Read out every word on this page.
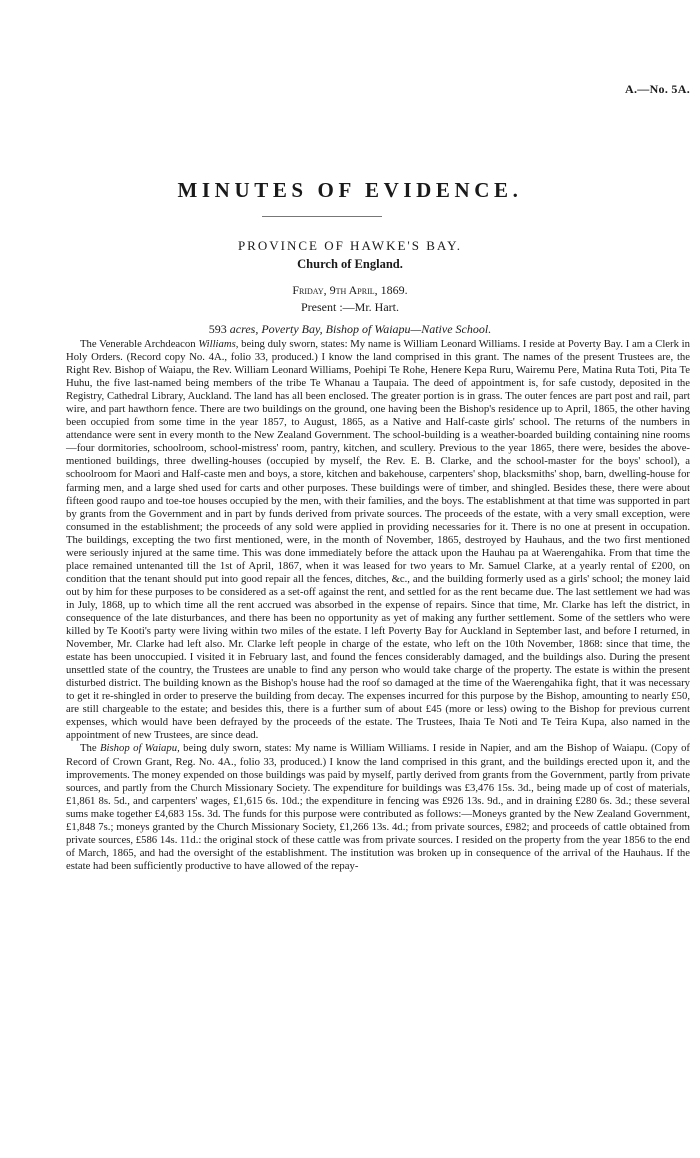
A.—No. 5A.
MINUTES OF EVIDENCE.
PROVINCE OF HAWKE'S BAY.
Church of England.
Friday, 9th April, 1869.
Present :—Mr. Hart.
593 acres, Poverty Bay, Bishop of Waiapu—Native School.

The Venerable Archdeacon Williams, being duly sworn, states: My name is William Leonard Williams. I reside at Poverty Bay. I am a Clerk in Holy Orders. (Record copy No. 4A., folio 33, produced.) I know the land comprised in this grant. The names of the present Trustees are, the Right Rev. Bishop of Waiapu, the Rev. William Leonard Williams, Poehipi Te Rohe, Henere Kepa Ruru, Wairemu Pere, Matina Ruta Toti, Pita Te Huhu, the five last-named being members of the tribe Te Whanau a Taupaia. The deed of appointment is, for safe custody, deposited in the Registry, Cathedral Library, Auckland. The land has all been enclosed. The greater portion is in grass. The outer fences are part post and rail, part wire, and part hawthorn fence. There are two buildings on the ground, one having been the Bishop's residence up to April, 1865, the other having been occupied from some time in the year 1857, to August, 1865, as a Native and Half-caste girls' school. The returns of the numbers in attendance were sent in every month to the New Zealand Government. The school-building is a weather-boarded building containing nine rooms—four dormitories, schoolroom, school-mistress' room, pantry, kitchen, and scullery. Previous to the year 1865, there were, besides the above-mentioned buildings, three dwelling-houses (occupied by myself, the Rev. E. B. Clarke, and the school-master for the boys' school), a schoolroom for Maori and Half-caste men and boys, a store, kitchen and bakehouse, carpenters' shop, blacksmiths' shop, barn, dwelling-house for farming men, and a large shed used for carts and other purposes. These buildings were of timber, and shingled. Besides these, there were about fifteen good raupo and toe-toe houses occupied by the men, with their families, and the boys. The establishment at that time was supported in part by grants from the Government and in part by funds derived from private sources. The proceeds of the estate, with a very small exception, were consumed in the establishment; the proceeds of any sold were applied in providing necessaries for it. There is no one at present in occupation. The buildings, excepting the two first mentioned, were, in the month of November, 1865, destroyed by Hauhaus, and the two first mentioned were seriously injured at the same time. This was done immediately before the attack upon the Hauhau pa at Waerengahika. From that time the place remained untenanted till the 1st of April, 1867, when it was leased for two years to Mr. Samuel Clarke, at a yearly rental of £200, on condition that the tenant should put into good repair all the fences, ditches, &c., and the building formerly used as a girls' school; the money laid out by him for these purposes to be considered as a set-off against the rent, and settled for as the rent became due. The last settlement we had was in July, 1868, up to which time all the rent accrued was absorbed in the expense of repairs. Since that time, Mr. Clarke has left the district, in consequence of the late disturbances, and there has been no opportunity as yet of making any further settlement. Some of the settlers who were killed by Te Kooti's party were living within two miles of the estate. I left Poverty Bay for Auckland in September last, and before I returned, in November, Mr. Clarke had left also. Mr. Clarke left people in charge of the estate, who left on the 10th November, 1868: since that time, the estate has been unoccupied. I visited it in February last, and found the fences considerably damaged, and the buildings also. During the present unsettled state of the country, the Trustees are unable to find any person who would take charge of the property. The estate is within the present disturbed district. The building known as the Bishop's house had the roof so damaged at the time of the Waerengahika fight, that it was necessary to get it re-shingled in order to preserve the building from decay. The expenses incurred for this purpose by the Bishop, amounting to nearly £50, are still chargeable to the estate; and besides this, there is a further sum of about £45 (more or less) owing to the Bishop for previous current expenses, which would have been defrayed by the proceeds of the estate. The Trustees, Ihaia Te Noti and Te Teira Kupa, also named in the appointment of new Trustees, are since dead.

The Bishop of Waiapu, being duly sworn, states: My name is William Williams. I reside in Napier, and am the Bishop of Waiapu. (Copy of Record of Crown Grant, Reg. No. 4A., folio 33, produced.) I know the land comprised in this grant, and the buildings erected upon it, and the improvements. The money expended on those buildings was paid by myself, partly derived from grants from the Government, partly from private sources, and partly from the Church Missionary Society. The expenditure for buildings was £3,476 15s. 3d., being made up of cost of materials, £1,861 8s. 5d., and carpenters' wages, £1,615 6s. 10d.; the expenditure in fencing was £926 13s. 9d., and in draining £280 6s. 3d.; these several sums make together £4,683 15s. 3d. The funds for this purpose were contributed as follows:—Moneys granted by the New Zealand Government, £1,848 7s.; moneys granted by the Church Missionary Society, £1,266 13s. 4d.; from private sources, £982; and proceeds of cattle obtained from private sources, £586 14s. 11d.: the original stock of these cattle was from private sources. I resided on the property from the year 1856 to the end of March, 1865, and had the oversight of the establishment. The institution was broken up in consequence of the arrival of the Hauhaus. If the estate had been sufficiently productive to have allowed of the repay-
